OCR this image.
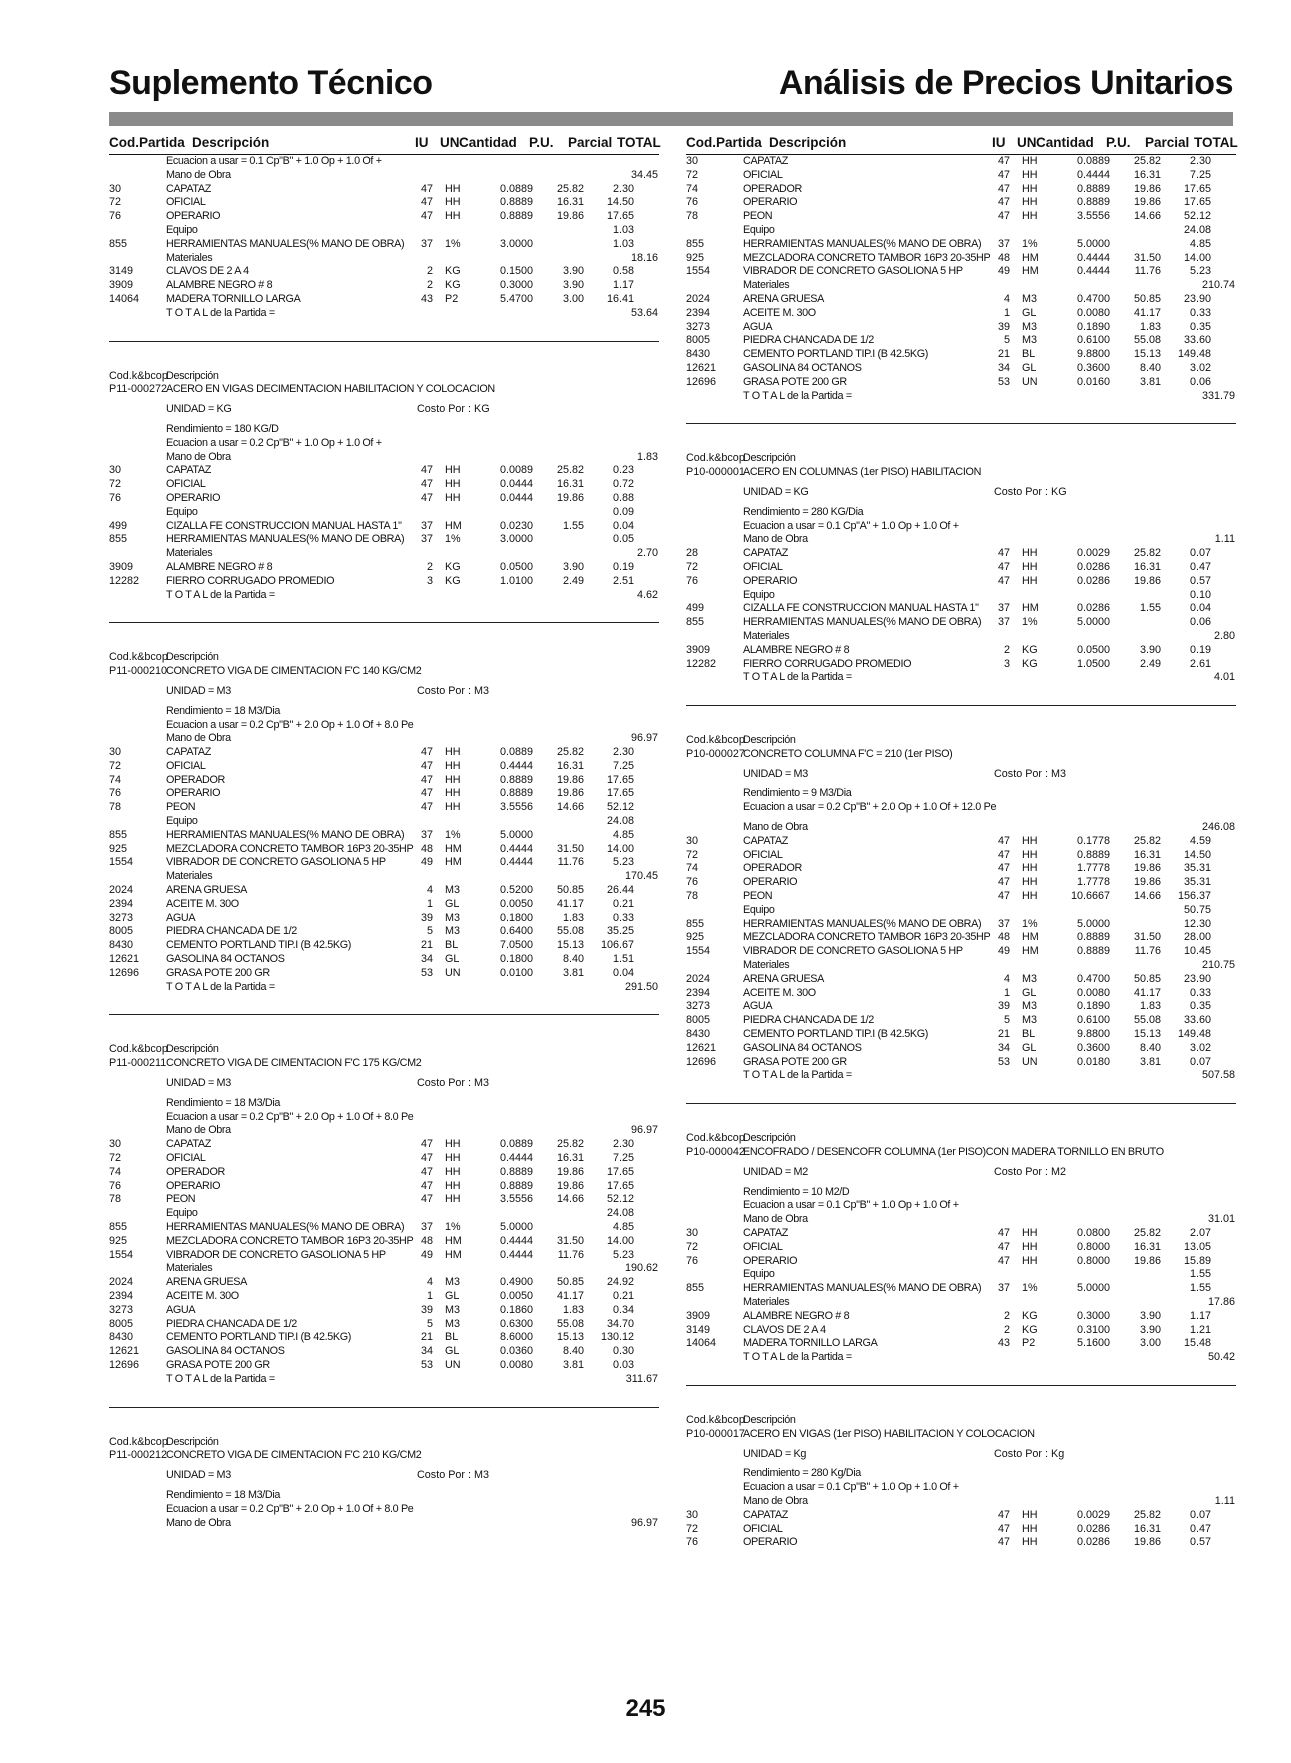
Suplemento Técnico	Análisis de Precios Unitarios
Cod.Partida Descripción	IU UN Cantidad P.U. Parcial TOTAL
Ecuacion a usar = 0.1 Cp"B" + 1.0 Op + 1.0 Of +
Mano de Obra	34.45
30	CAPATAZ	47 HH	0.0889	25.82	2.30
72	OFICIAL	47 HH	0.8889	16.31	14.50
76	OPERARIO	47 HH	0.8889	19.86	17.65
Equipo	1.03
855	HERRAMIENTAS MANUALES(% MANO DE OBRA)	37 1%	3.0000	1.03
Materiales	18.16
3149	CLAVOS DE 2 A 4	2 KG	0.1500	3.90	0.58
3909	ALAMBRE NEGRO # 8	2 KG	0.3000	3.90	1.17
14064 MADERA TORNILLO LARGA	43 P2	5.4700	3.00	16.41
T O T A L de la Partida =	53.64
Cod.k&bcop
Descripción
P11-000272
ACERO EN VIGAS DECIMENTACION HABILITACION Y COLOCACION
UNIDAD = KG	Costo Por : KG
Rendimiento = 180 KG/D
Ecuacion a usar = 0.2 Cp"B" + 1.0 Op + 1.0 Of +
Mano de Obra	1.83
30	CAPATAZ	47 HH	0.0089	25.82	0.23
72	OFICIAL	47 HH	0.0444	16.31	0.72
76	OPERARIO	47 HH	0.0444	19.86	0.88
Equipo	0.09
499	CIZALLA FE CONSTRUCCION MANUAL HASTA 1"	37 HM	0.0230	1.55	0.04
855	HERRAMIENTAS MANUALES(% MANO DE OBRA)	37 1%	3.0000	0.05
Materiales	2.70
3909	ALAMBRE NEGRO # 8	2 KG	0.0500	3.90	0.19
12282 FIERRO CORRUGADO PROMEDIO	3 KG	1.0100	2.49	2.51
T O T A L de la Partida =	4.62
Cod.k&bcop
Descripción
P11-000210
CONCRETO VIGA DE CIMENTACION F'C 140 KG/CM2
UNIDAD = M3	Costo Por : M3
Rendimiento = 18 M3/Dia
Ecuacion a usar = 0.2 Cp"B" + 2.0 Op + 1.0 Of + 8.0 Pe
Mano de Obra	96.97
30	CAPATAZ	47 HH	0.0889	25.82	2.30
72	OFICIAL	47 HH	0.4444	16.31	7.25
74	OPERADOR	47 HH	0.8889	19.86	17.65
76	OPERARIO	47 HH	0.8889	19.86	17.65
78	PEON	47 HH	3.5556	14.66	52.12
Equipo	24.08
855	HERRAMIENTAS MANUALES(% MANO DE OBRA)	37 1%	5.0000	4.85
925	MEZCLADORA CONCRETO TAMBOR 16P3 20-35HP 48 HM	0.4444	31.50	14.00
1554	VIBRADOR DE CONCRETO GASOLIONA 5 HP	49 HM	0.4444	11.76	5.23
Materiales	170.45
2024	ARENA GRUESA	4 M3	0.5200	50.85	26.44
2394	ACEITE M. 30O	1 GL	0.0050	41.17	0.21
3273	AGUA	39 M3	0.1800	1.83	0.33
8005	PIEDRA CHANCADA DE 1/2	5 M3	0.6400	55.08	35.25
8430	CEMENTO PORTLAND TIP.I (B 42.5KG)	21 BL	7.0500	15.13	106.67
12621 GASOLINA 84 OCTANOS	34 GL	0.1800	8.40	1.51
12696 GRASA POTE 200 GR	53 UN	0.0100	3.81	0.04
T O T A L de la Partida =	291.50
Cod.k&bcop
Descripción
P11-000211 CONCRETO VIGA DE CIMENTACION F'C 175 KG/CM2
UNIDAD = M3	Costo Por : M3
Rendimiento = 18 M3/Dia
Ecuacion a usar = 0.2 Cp"B" + 2.0 Op + 1.0 Of + 8.0 Pe
Mano de Obra	96.97
30	CAPATAZ	47 HH	0.0889	25.82	2.30
72	OFICIAL	47 HH	0.4444	16.31	7.25
74	OPERADOR	47 HH	0.8889	19.86	17.65
76	OPERARIO	47 HH	0.8889	19.86	17.65
78	PEON	47 HH	3.5556	14.66	52.12
Equipo	24.08
855	HERRAMIENTAS MANUALES(% MANO DE OBRA)	37 1%	5.0000	4.85
925	MEZCLADORA CONCRETO TAMBOR 16P3 20-35HP 48 HM	0.4444	31.50	14.00
1554	VIBRADOR DE CONCRETO GASOLIONA 5 HP	49 HM	0.4444	11.76	5.23
Materiales	190.62
2024	ARENA GRUESA	4 M3	0.4900	50.85	24.92
2394	ACEITE M. 30O	1 GL	0.0050	41.17	0.21
3273	AGUA	39 M3	0.1860	1.83	0.34
8005	PIEDRA CHANCADA DE 1/2	5 M3	0.6300	55.08	34.70
8430	CEMENTO PORTLAND TIP.I (B 42.5KG)	21 BL	8.6000	15.13	130.12
12621 GASOLINA 84 OCTANOS	34 GL	0.0360	8.40	0.30
12696 GRASA POTE 200 GR	53 UN	0.0080	3.81	0.03
T O T A L de la Partida =	311.67
Cod.k&bcop
Descripción
P11-000212
CONCRETO VIGA DE CIMENTACION F'C 210 KG/CM2
UNIDAD = M3	Costo Por : M3
Rendimiento = 18 M3/Dia
Ecuacion a usar = 0.2 Cp"B" + 2.0 Op + 1.0 Of + 8.0 Pe
Mano de Obra	96.97
Cod.Partida Descripción	IU UN Cantidad P.U. Parcial TOTAL
30	CAPATAZ	47 HH	0.0889	25.82	2.30
72	OFICIAL	47 HH	0.4444	16.31	7.25
74	OPERADOR	47 HH	0.8889	19.86	17.65
76	OPERARIO	47 HH	0.8889	19.86	17.65
78	PEON	47 HH	3.5556	14.66	52.12
Equipo	24.08
855	HERRAMIENTAS MANUALES(% MANO DE OBRA)	37 1%	5.0000	4.85
925	MEZCLADORA CONCRETO TAMBOR 16P3 20-35HP 48 HM	0.4444	31.50	14.00
1554	VIBRADOR DE CONCRETO GASOLIONA 5 HP	49 HM	0.4444	11.76	5.23
Materiales	210.74
2024	ARENA GRUESA	4 M3	0.4700	50.85	23.90
2394	ACEITE M. 30O	1 GL	0.0080	41.17	0.33
3273	AGUA	39 M3	0.1890	1.83	0.35
8005	PIEDRA CHANCADA DE 1/2	5 M3	0.6100	55.08	33.60
8430	CEMENTO PORTLAND TIP.I (B 42.5KG)	21 BL	9.8800	15.13	149.48
12621 GASOLINA 84 OCTANOS	34 GL	0.3600	8.40	3.02
12696 GRASA POTE 200 GR	53 UN	0.0160	3.81	0.06
T O T A L de la Partida =	331.79
Cod.k&bcop
Descripción
P10-000001
ACERO EN COLUMNAS (1er PISO) HABILITACION
UNIDAD = KG	Costo Por : KG
Rendimiento = 280 KG/Dia
Ecuacion a usar = 0.1 Cp"A" + 1.0 Op + 1.0 Of +
Mano de Obra	1.11
28	CAPATAZ	47 HH	0.0029	25.82	0.07
72	OFICIAL	47 HH	0.0286	16.31	0.47
76	OPERARIO	47 HH	0.0286	19.86	0.57
Equipo	0.10
499	CIZALLA FE CONSTRUCCION MANUAL HASTA 1"	37 HM	0.0286	1.55	0.04
855	HERRAMIENTAS MANUALES(% MANO DE OBRA)	37 1%	5.0000	0.06
Materiales	2.80
3909	ALAMBRE NEGRO # 8	2 KG	0.0500	3.90	0.19
12282 FIERRO CORRUGADO PROMEDIO	3 KG	1.0500	2.49	2.61
T O T A L de la Partida =	4.01
Cod.k&bcop
Descripción
P10-000027
CONCRETO COLUMNA F'C = 210 (1er PISO)
UNIDAD = M3	Costo Por : M3
Rendimiento = 9 M3/Dia
Ecuacion a usar = 0.2 Cp"B" + 2.0 Op + 1.0 Of + 12.0 Pe
Mano de Obra	246.08
30	CAPATAZ	47 HH	0.1778	25.82	4.59
72	OFICIAL	47 HH	0.8889	16.31	14.50
74	OPERADOR	47 HH	1.7778	19.86	35.31
76	OPERARIO	47 HH	1.7778	19.86	35.31
78	PEON	47 HH	10.6667	14.66	156.37
Equipo	50.75
855	HERRAMIENTAS MANUALES(% MANO DE OBRA)	37 1%	5.0000	12.30
925	MEZCLADORA CONCRETO TAMBOR 16P3 20-35HP 48 HM	0.8889	31.50	28.00
1554	VIBRADOR DE CONCRETO GASOLIONA 5 HP	49 HM	0.8889	11.76	10.45
Materiales	210.75
2024	ARENA GRUESA	4 M3	0.4700	50.85	23.90
2394	ACEITE M. 30O	1 GL	0.0080	41.17	0.33
3273	AGUA	39 M3	0.1890	1.83	0.35
8005	PIEDRA CHANCADA DE 1/2	5 M3	0.6100	55.08	33.60
8430	CEMENTO PORTLAND TIP.I (B 42.5KG)	21 BL	9.8800	15.13	149.48
12621 GASOLINA 84 OCTANOS	34 GL	0.3600	8.40	3.02
12696 GRASA POTE 200 GR	53 UN	0.0180	3.81	0.07
T O T A L de la Partida =	507.58
Cod.k&bcop
Descripción
P10-000042
ENCOFRADO / DESENCOFR COLUMNA (1er PISO)CON MADERA TORNILLO EN BRUTO
UNIDAD = M2	Costo Por : M2
Rendimiento = 10 M2/D
Ecuacion a usar = 0.1 Cp"B" + 1.0 Op + 1.0 Of +
Mano de Obra	31.01
30	CAPATAZ	47 HH	0.0800	25.82	2.07
72	OFICIAL	47 HH	0.8000	16.31	13.05
76	OPERARIO	47 HH	0.8000	19.86	15.89
Equipo	1.55
855	HERRAMIENTAS MANUALES(% MANO DE OBRA)	37 1%	5.0000	1.55
Materiales	17.86
3909	ALAMBRE NEGRO # 8	2 KG	0.3000	3.90	1.17
3149	CLAVOS DE 2 A 4	2 KG	0.3100	3.90	1.21
14064 MADERA TORNILLO LARGA	43 P2	5.1600	3.00	15.48
T O T A L de la Partida =	50.42
Cod.k&bcop
Descripción
P10-000017
ACERO EN VIGAS (1er PISO) HABILITACION Y COLOCACION
UNIDAD = Kg	Costo Por : Kg
Rendimiento = 280 Kg/Dia
Ecuacion a usar = 0.1 Cp"B" + 1.0 Op + 1.0 Of +
Mano de Obra	1.11
30	CAPATAZ	47 HH	0.0029	25.82	0.07
72	OFICIAL	47 HH	0.0286	16.31	0.47
76	OPERARIO	47 HH	0.0286	19.86	0.57
245
